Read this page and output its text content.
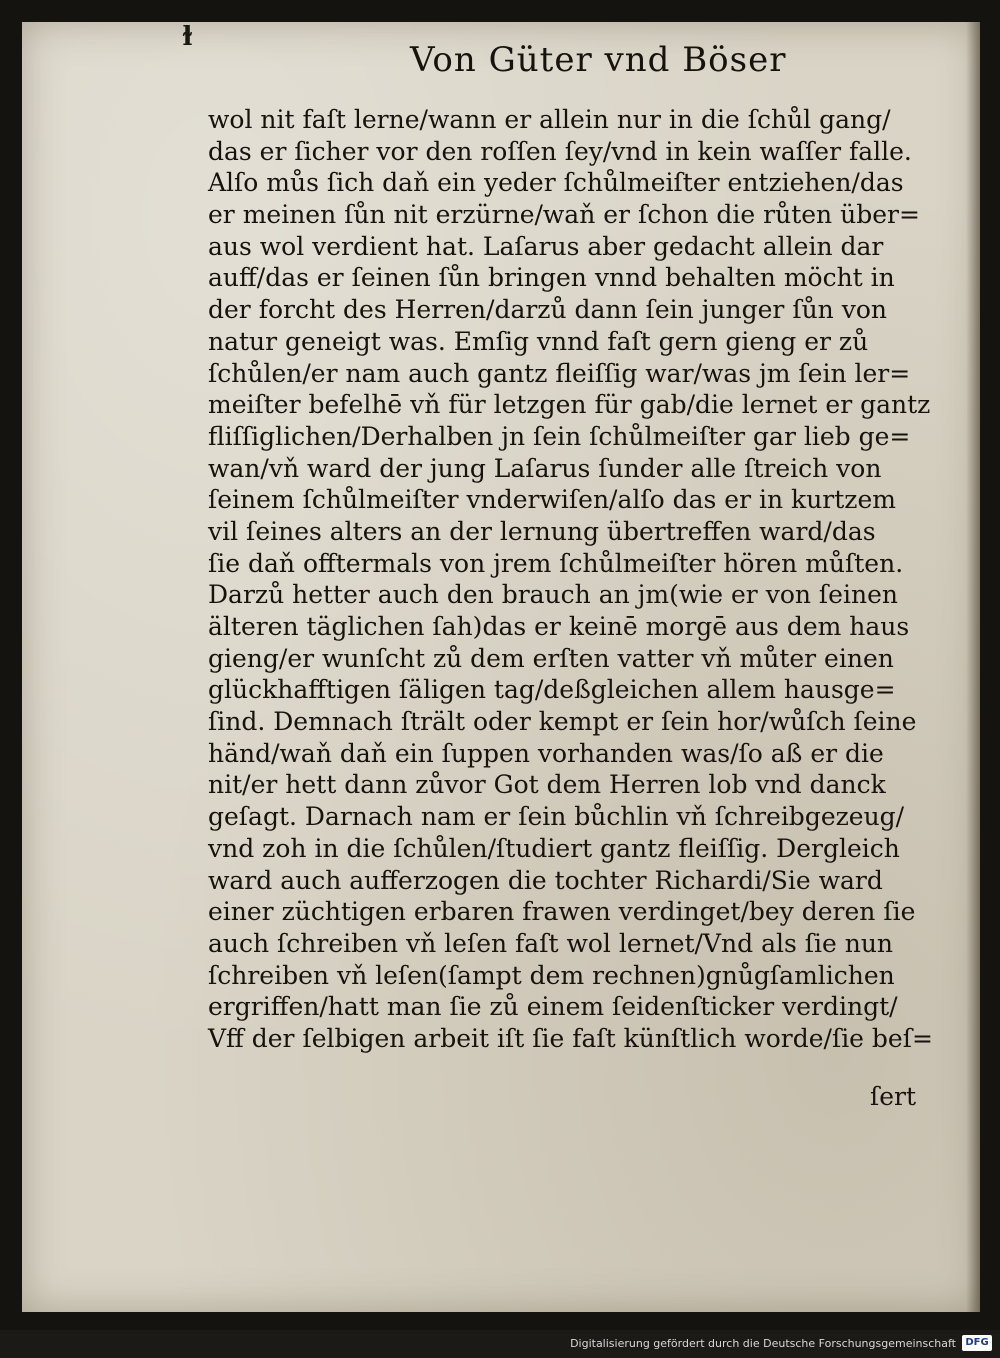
ɫ
Von Güter vnd Böser
wol nit faſt lerne/wann er allein nur in die ſchůl gang/
das er ſicher vor den roſſen ſey/vnd in kein waſſer falle.
Alſo můs ſich daň ein yeder ſchůlmeiſter entziehen/das
er meinen ſůn nit erzürne/waň er ſchon die růten über=
aus wol verdient hat. Laſarus aber gedacht allein dar
auff/das er ſeinen ſůn bringen vnnd behalten möcht in
der forcht des Herren/darzů dann ſein junger ſůn von
natur geneigt was. Emſig vnnd faſt gern gieng er zů
ſchůlen/er nam auch gantz fleiſſig war/was jm ſein ler=
meiſter befelhē vň für letzgen für gab/die lernet er gantz
fliſſiglichen/Derhalben jn ſein ſchůlmeiſter gar lieb ge=
wan/vň ward der jung Laſarus ſunder alle ſtreich von
ſeinem ſchůlmeiſter vnderwiſen/alſo das er in kurtzem
vil ſeines alters an der lernung übertreffen ward/das
ſie daň offtermals von jrem ſchůlmeiſter hören můſten.
Darzů hetter auch den brauch an jm(wie er von ſeinen
älteren täglichen ſah)das er keinē morgē aus dem haus
gieng/er wunſcht zů dem erſten vatter vň můter einen
glückhafftigen ſäligen tag/deßgleichen allem hausge=
ſind. Demnach ſtrält oder kempt er ſein hor/wůſch ſeine
händ/waň daň ein ſuppen vorhanden was/ſo aß er die
nit/er hett dann zůvor Got dem Herren lob vnd danck
geſagt. Darnach nam er ſein bůchlin vň ſchreibgezeug/
vnd zoh in die ſchůlen/ſtudiert gantz fleiſſig. Dergleich
ward auch aufferzogen die tochter Richardi/Sie ward
einer züchtigen erbaren frawen verdinget/bey deren ſie
auch ſchreiben vň leſen faſt wol lernet/Vnd als ſie nun
ſchreiben vň leſen(ſampt dem rechnen)gnůgſamlichen
ergriffen/hatt man ſie zů einem ſeidenſticker verdingt/
Vff der ſelbigen arbeit iſt ſie faſt künſtlich worde/ſie beſ=
ſert
Digitalisierung gefördert durch die Deutsche Forschungsgemeinschaft DFG
